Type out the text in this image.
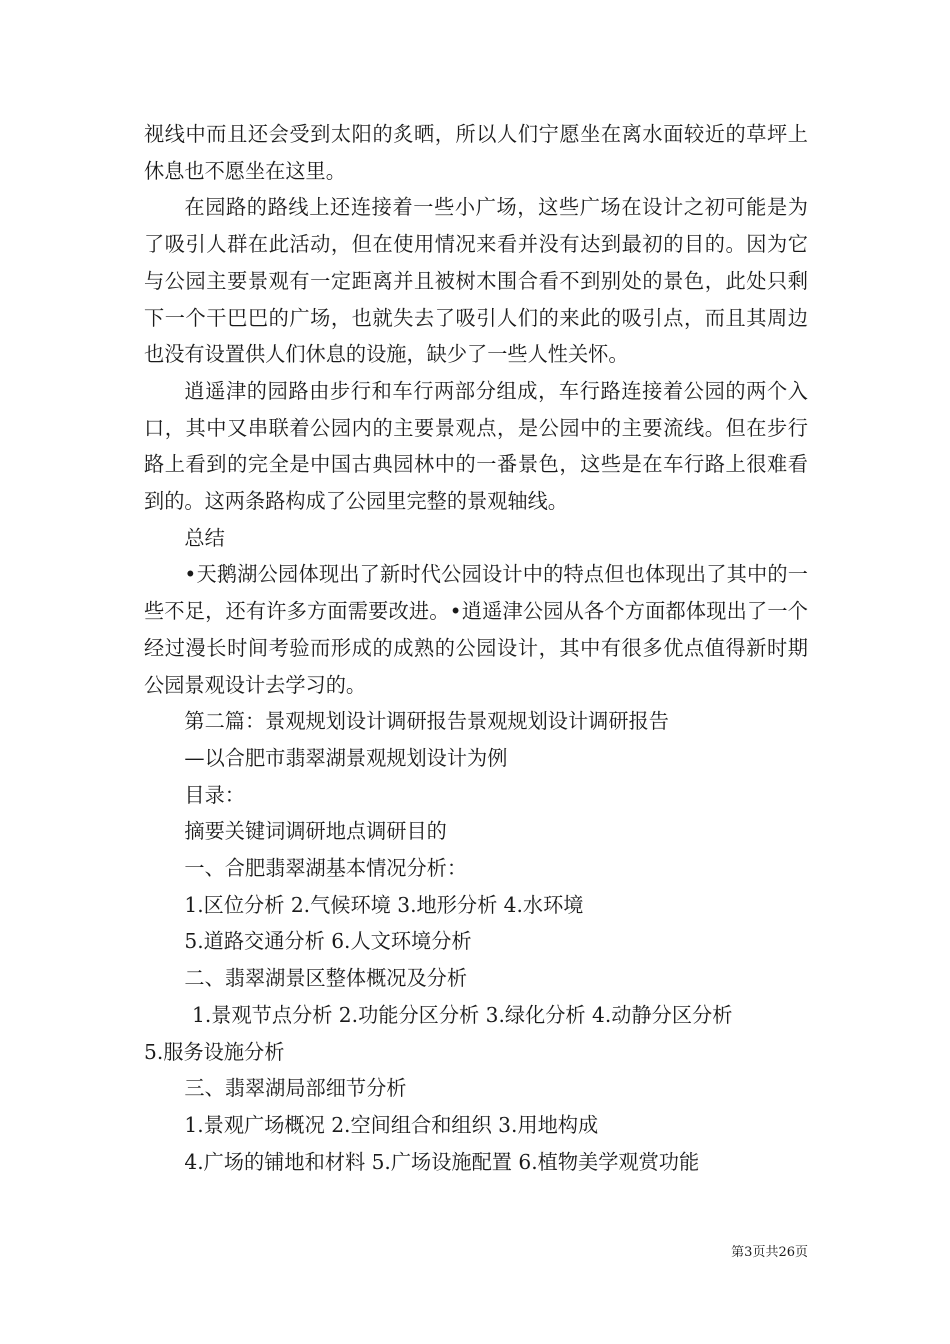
视线中而且还会受到太阳的炙晒，所以人们宁愿坐在离水面较近的草坪上休息也不愿坐在这里。

在园路的路线上还连接着一些小广场，这些广场在设计之初可能是为了吸引人群在此活动，但在使用情况来看并没有达到最初的目的。因为它与公园主要景观有一定距离并且被树木围合看不到别处的景色，此处只剩下一个干巴巴的广场，也就失去了吸引人们的来此的吸引点，而且其周边也没有设置供人们休息的设施，缺少了一些人性关怀。

逍遥津的园路由步行和车行两部分组成，车行路连接着公园的两个入口，其中又串联着公园内的主要景观点，是公园中的主要流线。但在步行路上看到的完全是中国古典园林中的一番景色，这些是在车行路上很难看到的。这两条路构成了公园里完整的景观轴线。

总结

•天鹅湖公园体现出了新时代公园设计中的特点但也体现出了其中的一些不足，还有许多方面需要改进。•逍遥津公园从各个方面都体现出了一个经过漫长时间考验而形成的成熟的公园设计，其中有很多优点值得新时期公园景观设计去学习的。

第二篇：景观规划设计调研报告景观规划设计调研报告
—以合肥市翡翠湖景观规划设计为例
目录：
摘要关键词调研地点调研目的
一、合肥翡翠湖基本情况分析：
1.区位分析 2.气候环境 3.地形分析 4.水环境
5.道路交通分析 6.人文环境分析
二、翡翠湖景区整体概况及分析
1.景观节点分析 2.功能分区分析 3.绿化分析 4.动静分区分析
5.服务设施分析
三、翡翠湖局部细节分析
1.景观广场概况 2.空间组合和组织 3.用地构成
4.广场的铺地和材料 5.广场设施配置 6.植物美学观赏功能
第3页共26页
